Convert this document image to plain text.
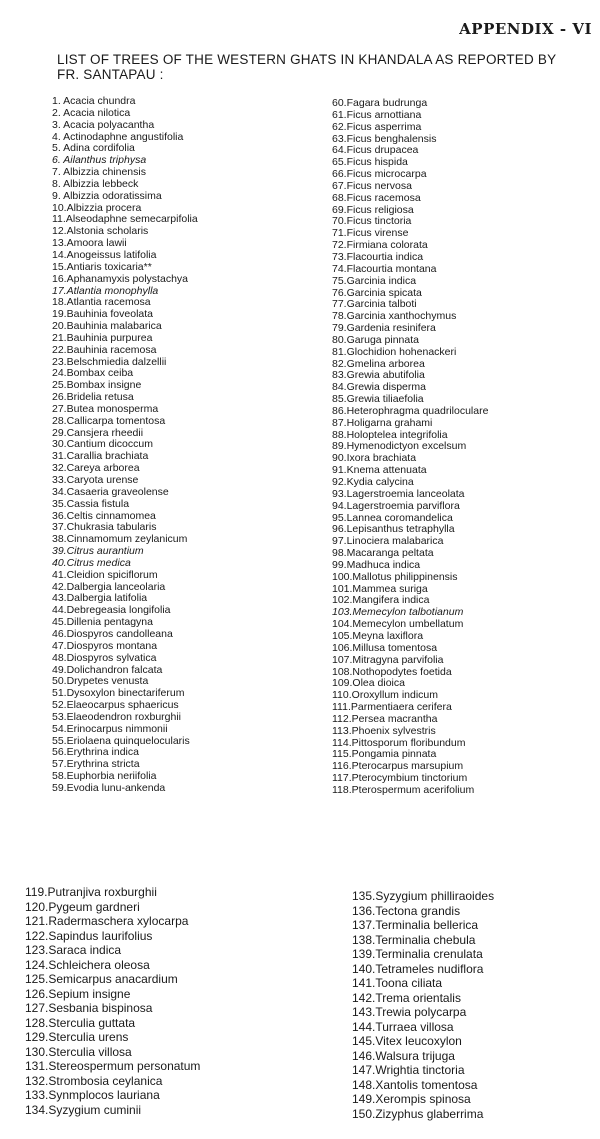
APPENDIX - VI
LIST OF TREES OF THE WESTERN GHATS IN KHANDALA AS REPORTED BY FR. SANTAPAU :
1. Acacia chundra
2. Acacia nilotica
3. Acacia polyacantha
4. Actinodaphne angustifolia
5. Adina cordifolia
6. Ailanthus triphysa
7. Albizzia chinensis
8. Albizzia lebbeck
9. Albizzia odoratissima
10.Albizzia procera
11.Alseodaphne semecarpifolia
12.Alstonia scholaris
13.Amoora lawii
14.Anogeissus latifolia
15.Antiaris toxicaria**
16.Aphanamyxis polystachya
17.Atlantia monophylla
18.Atlantia racemosa
19.Bauhinia foveolata
20.Bauhinia malabarica
21.Bauhinia purpurea
22.Bauhinia racemosa
23.Belschmiedia dalzellii
24.Bombax ceiba
25.Bombax insigne
26.Bridelia retusa
27.Butea monosperma
28.Callicarpa tomentosa
29.Cansjera rheedii
30.Cantium dicoccum
31.Carallia brachiata
32.Careya arborea
33.Caryota urense
34.Casaeria graveolense
35.Cassia fistula
36.Celtis cinnamomea
37.Chukrasia tabularis
38.Cinnamomum zeylanicum
39.Citrus aurantium
40.Citrus medica
41.Cleidion spiciflorum
42.Dalbergia lanceolaria
43.Dalbergia latifolia
44.Debregeasia longifolia
45.Dillenia pentagyna
46.Diospyros candolleana
47.Diospyros montana
48.Diospyros sylvatica
49.Dolichandron falcata
50.Drypetes venusta
51.Dysoxylon binectariferum
52.Elaeocarpus sphaericus
53.Elaeodendron roxburghii
54.Erinocarpus nimmonii
55.Eriolaena quinquelocularis
56.Erythrina indica
57.Erythrina stricta
58.Euphorbia neriifolia
59.Evodia lunu-ankenda
60.Fagara budrunga
61.Ficus arnottiana
62.Ficus asperrima
63.Ficus benghalensis
64.Ficus drupacea
65.Ficus hispida
66.Ficus microcarpa
67.Ficus nervosa
68.Ficus racemosa
69.Ficus religiosa
70.Ficus tinctoria
71.Ficus virense
72.Firmiana colorata
73.Flacourtia indica
74.Flacourtia montana
75.Garcinia indica
76.Garcinia spicata
77.Garcinia talboti
78.Garcinia xanthochymus
79.Gardenia resinifera
80.Garuga pinnata
81.Glochidion hohenackeri
82.Gmelina arborea
83.Grewia abutifolia
84.Grewia disperma
85.Grewia tiliaefolia
86.Heterophragma quadriloculare
87.Holigarna grahami
88.Holoptelea integrifolia
89.Hymenodictyon excelsum
90.Ixora brachiata
91.Knema attenuata
92.Kydia calycina
93.Lagerstroemia lanceolata
94.Lagerstroemia parviflora
95.Lannea coromandelica
96.Lepisanthus tetraphylla
97.Linociera malabarica
98.Macaranga peltata
99.Madhuca indica
100.Mallotus philippinensis
101.Mammea suriga
102.Mangifera indica
103.Memecylon talbotianum
104.Memecylon umbellatum
105.Meyna laxiflora
106.Millusa tomentosa
107.Mitragyna parvifolia
108.Nothopodytes foetida
109.Olea dioica
110.Oroxyllum indicum
111.Parmentiaera cerifera
112.Persea macrantha
113.Phoenix sylvestris
114.Pittosporum floribundum
115.Pongamia pinnata
116.Pterocarpus marsupium
117.Pterocymbium tinctorium
118.Pterospermum acerifolium
119.Putranjiva roxburghii
120.Pygeum gardneri
121.Radermaschera xylocarpa
122.Sapindus laurifolius
123.Saraca indica
124.Schleichera oleosa
125.Semicarpus anacardium
126.Sepium insigne
127.Sesbania bispinosa
128.Sterculia guttata
129.Sterculia urens
130.Sterculia villosa
131.Stereospermum personatum
132.Strombosia ceylanica
133.Synmplocos lauriana
134.Syzygium cuminii
135.Syzygium philliraoides
136.Tectona grandis
137.Terminalia bellerica
138.Terminalia chebula
139.Terminalia crenulata
140.Tetrameles nudiflora
141.Toona ciliata
142.Trema orientalis
143.Trewia polycarpa
144.Turraea villosa
145.Vitex leucoxylon
146.Walsura trijuga
147.Wrightia tinctoria
148.Xantolis tomentosa
149.Xerompis spinosa
150.Zizyphus glaberrima
